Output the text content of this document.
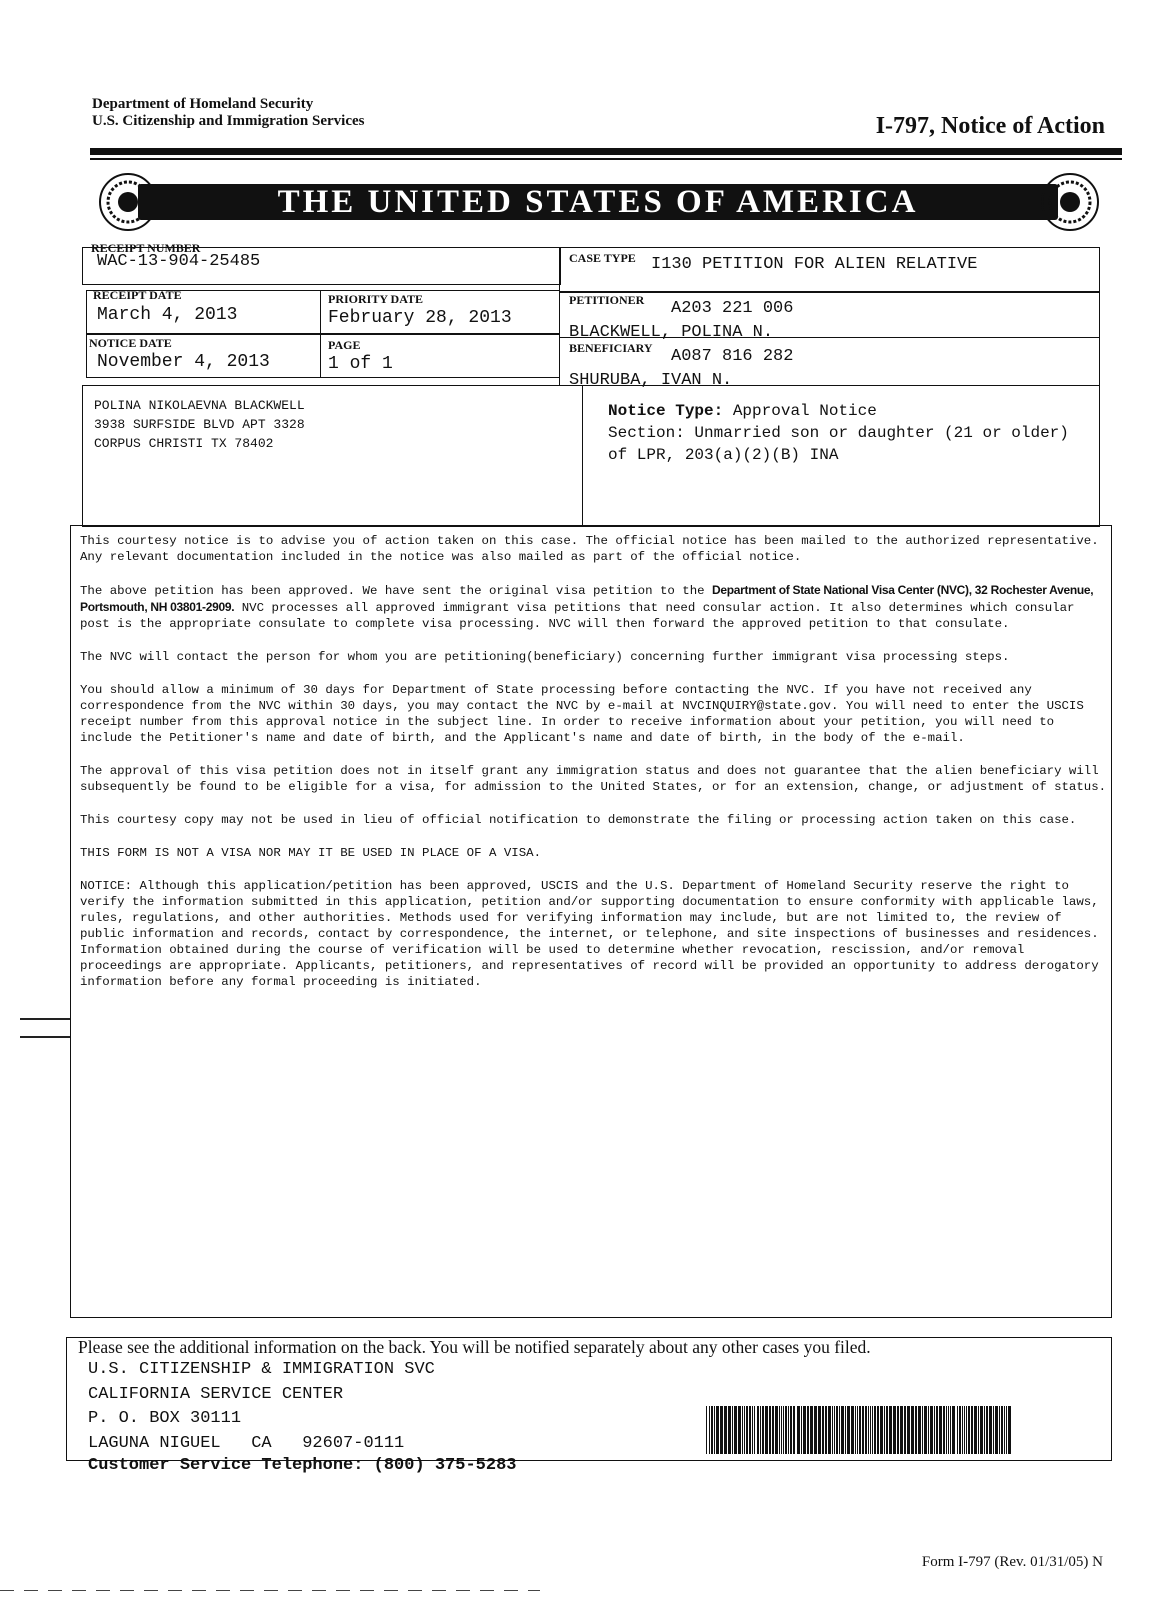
Department of Homeland Security
U.S. Citizenship and Immigration Services	I-797, Notice of Action
THE UNITED STATES OF AMERICA
RECEIPT NUMBER
WAC-13-904-25485	CASE TYPE I130 PETITION FOR ALIEN RELATIVE
RECEIPT DATE
March 4, 2013
PRIORITY DATE
February 28, 2013
NOTICE DATE
November 4, 2013
PAGE
1 of 1
PETITIONER A203 221 006
BLACKWELL, POLINA N.
BENEFICIARY A087 816 282
SHURUBA, IVAN N.
POLINA NIKOLAEVNA BLACKWELL
3938 SURFSIDE BLVD APT 3328
CORPUS CHRISTI TX 78402
Notice Type: Approval Notice
Section: Unmarried son or daughter (21 or older) of LPR, 203(a)(2)(B) INA

This courtesy notice is to advise you of action taken on this case. The official notice has been mailed to the authorized representative. Any relevant documentation included in the notice was also mailed as part of the official notice.

The above petition has been approved. We have sent the original visa petition to the Department of State National Visa Center (NVC), 32 Rochester Avenue, Portsmouth, NH 03801-2909. NVC processes all approved immigrant visa petitions that need consular action. It also determines which consular post is the appropriate consulate to complete visa processing. NVC will then forward the approved petition to that consulate.

The NVC will contact the person for whom you are petitioning(beneficiary) concerning further immigrant visa processing steps.

You should allow a minimum of 30 days for Department of State processing before contacting the NVC. If you have not received any correspondence from the NVC within 30 days, you may contact the NVC by e-mail at NVCINQUIRY@state.gov. You will need to enter the USCIS receipt number from this approval notice in the subject line. In order to receive information about your petition, you will need to include the Petitioner's name and date of birth, and the Applicant's name and date of birth, in the body of the e-mail.

The approval of this visa petition does not in itself grant any immigration status and does not guarantee that the alien beneficiary will subsequently be found to be eligible for a visa, for admission to the United States, or for an extension, change, or adjustment of status.

This courtesy copy may not be used in lieu of official notification to demonstrate the filing or processing action taken on this case.

THIS FORM IS NOT A VISA NOR MAY IT BE USED IN PLACE OF A VISA.

NOTICE: Although this application/petition has been approved, USCIS and the U.S. Department of Homeland Security reserve the right to verify the information submitted in this application, petition and/or supporting documentation to ensure conformity with applicable laws, rules, regulations, and other authorities. Methods used for verifying information may include, but are not limited to, the review of public information and records, contact by correspondence, the internet, or telephone, and site inspections of businesses and residences. Information obtained during the course of verification will be used to determine whether revocation, rescission, and/or removal proceedings are appropriate. Applicants, petitioners, and representatives of record will be provided an opportunity to address derogatory information before any formal proceeding is initiated.

Please see the additional information on the back. You will be notified separately about any other cases you filed.
U.S. CITIZENSHIP & IMMIGRATION SVC
CALIFORNIA SERVICE CENTER
P. O. BOX 30111
LAGUNA NIGUEL   CA   92607-0111
Customer Service Telephone: (800) 375-5283
Form I-797 (Rev. 01/31/05) N
